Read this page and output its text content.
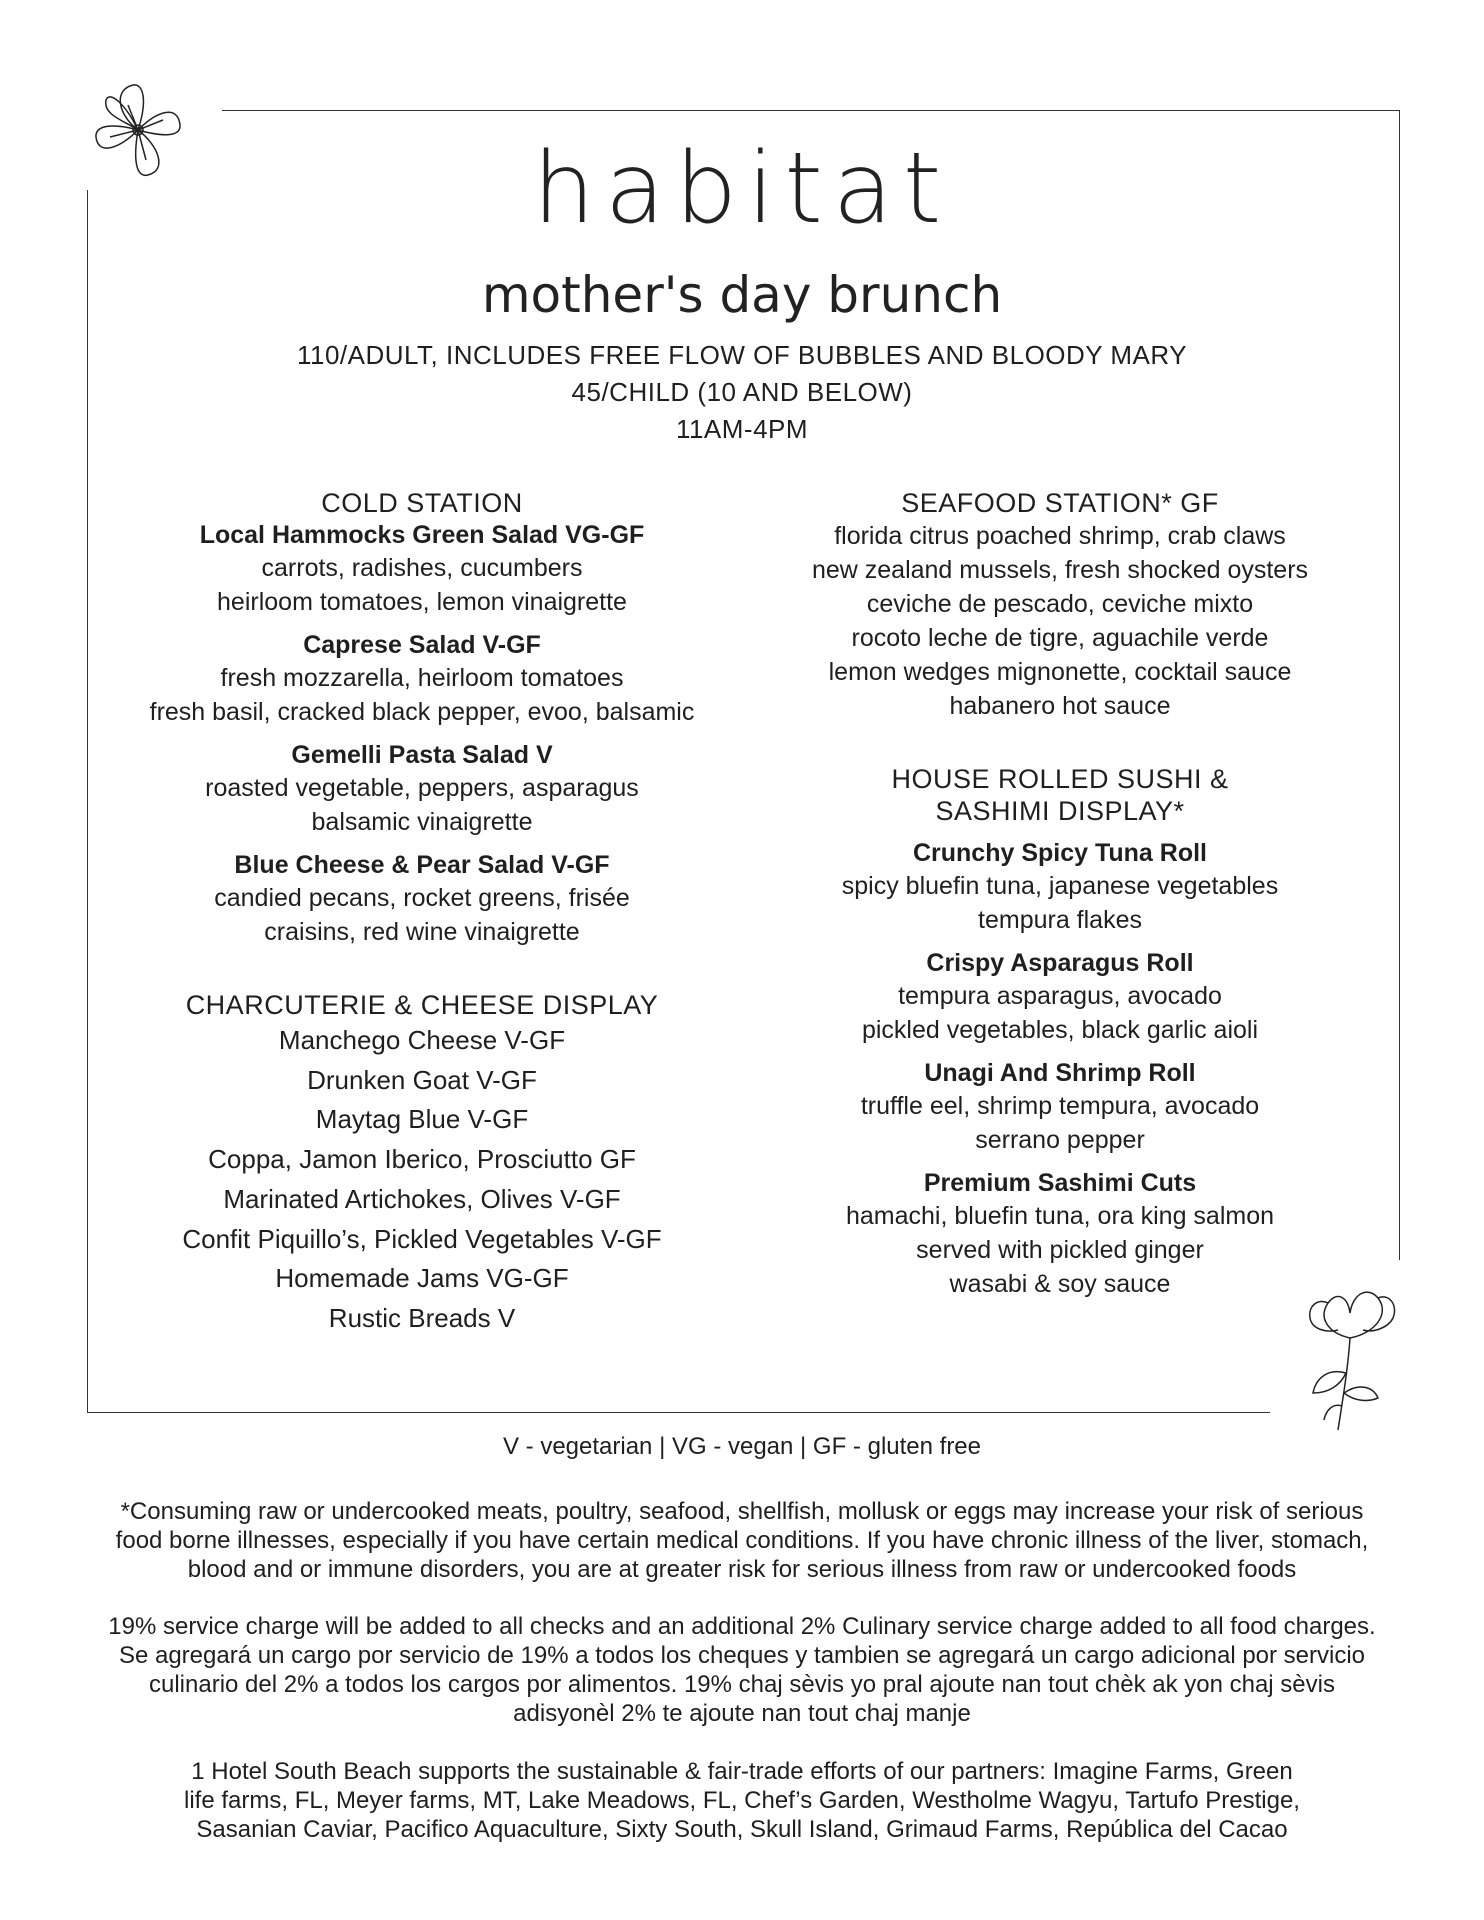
habitat
mother's day brunch
110/ADULT, INCLUDES FREE FLOW OF BUBBLES AND BLOODY MARY
45/CHILD (10 AND BELOW)
11AM-4PM

COLD STATION

Local Hammocks Green Salad VG-GF

carrots, radishes, cucumbers

heirloom tomatoes, lemon vinaigrette

Caprese Salad V-GF

fresh mozzarella, heirloom tomatoes

fresh basil, cracked black pepper, evoo, balsamic

Gemelli Pasta Salad V

roasted vegetable, peppers, asparagus

balsamic vinaigrette

Blue Cheese & Pear Salad V-GF

candied pecans, rocket greens, frisée

craisins, red wine vinaigrette

CHARCUTERIE & CHEESE DISPLAY

Manchego Cheese V-GF

Drunken Goat V-GF

Maytag Blue V-GF

Coppa, Jamon Iberico, Prosciutto GF

Marinated Artichokes, Olives V-GF

Confit Piquillo’s, Pickled Vegetables V-GF

Homemade Jams VG-GF

Rustic Breads V

SEAFOOD STATION* GF

florida citrus poached shrimp, crab claws

new zealand mussels, fresh shocked oysters

ceviche de pescado, ceviche mixto

rocoto leche de tigre, aguachile verde

lemon wedges mignonette, cocktail sauce

habanero hot sauce

HOUSE ROLLED SUSHI &

SASHIMI DISPLAY*

Crunchy Spicy Tuna Roll

spicy bluefin tuna, japanese vegetables

tempura flakes

Crispy Asparagus Roll

tempura asparagus, avocado

pickled vegetables, black garlic aioli

Unagi And Shrimp Roll

truffle eel, shrimp tempura, avocado

serrano pepper

Premium Sashimi Cuts

hamachi, bluefin tuna, ora king salmon

served with pickled ginger

wasabi & soy sauce

V - vegetarian | VG - vegan | GF - gluten free

*Consuming raw or undercooked meats, poultry, seafood, shellfish, mollusk or eggs may increase your risk of serious

food borne illnesses, especially if you have certain medical conditions. If you have chronic illness of the liver, stomach,

blood and or immune disorders, you are at greater risk for serious illness from raw or undercooked foods

19% service charge will be added to all checks and an additional 2% Culinary service charge added to all food charges.

Se agregará un cargo por servicio de 19% a todos los cheques y tambien se agregará un cargo adicional por servicio

culinario del 2% a todos los cargos por alimentos. 19% chaj sèvis yo pral ajoute nan tout chèk ak yon chaj sèvis

adisyonèl 2% te ajoute nan tout chaj manje

1 Hotel South Beach supports the sustainable & fair-trade efforts of our partners: Imagine Farms, Green

life farms, FL, Meyer farms, MT, Lake Meadows, FL, Chef’s Garden, Westholme Wagyu, Tartufo Prestige,

Sasanian Caviar, Pacifico Aquaculture, Sixty South, Skull Island, Grimaud Farms, República del Cacao
